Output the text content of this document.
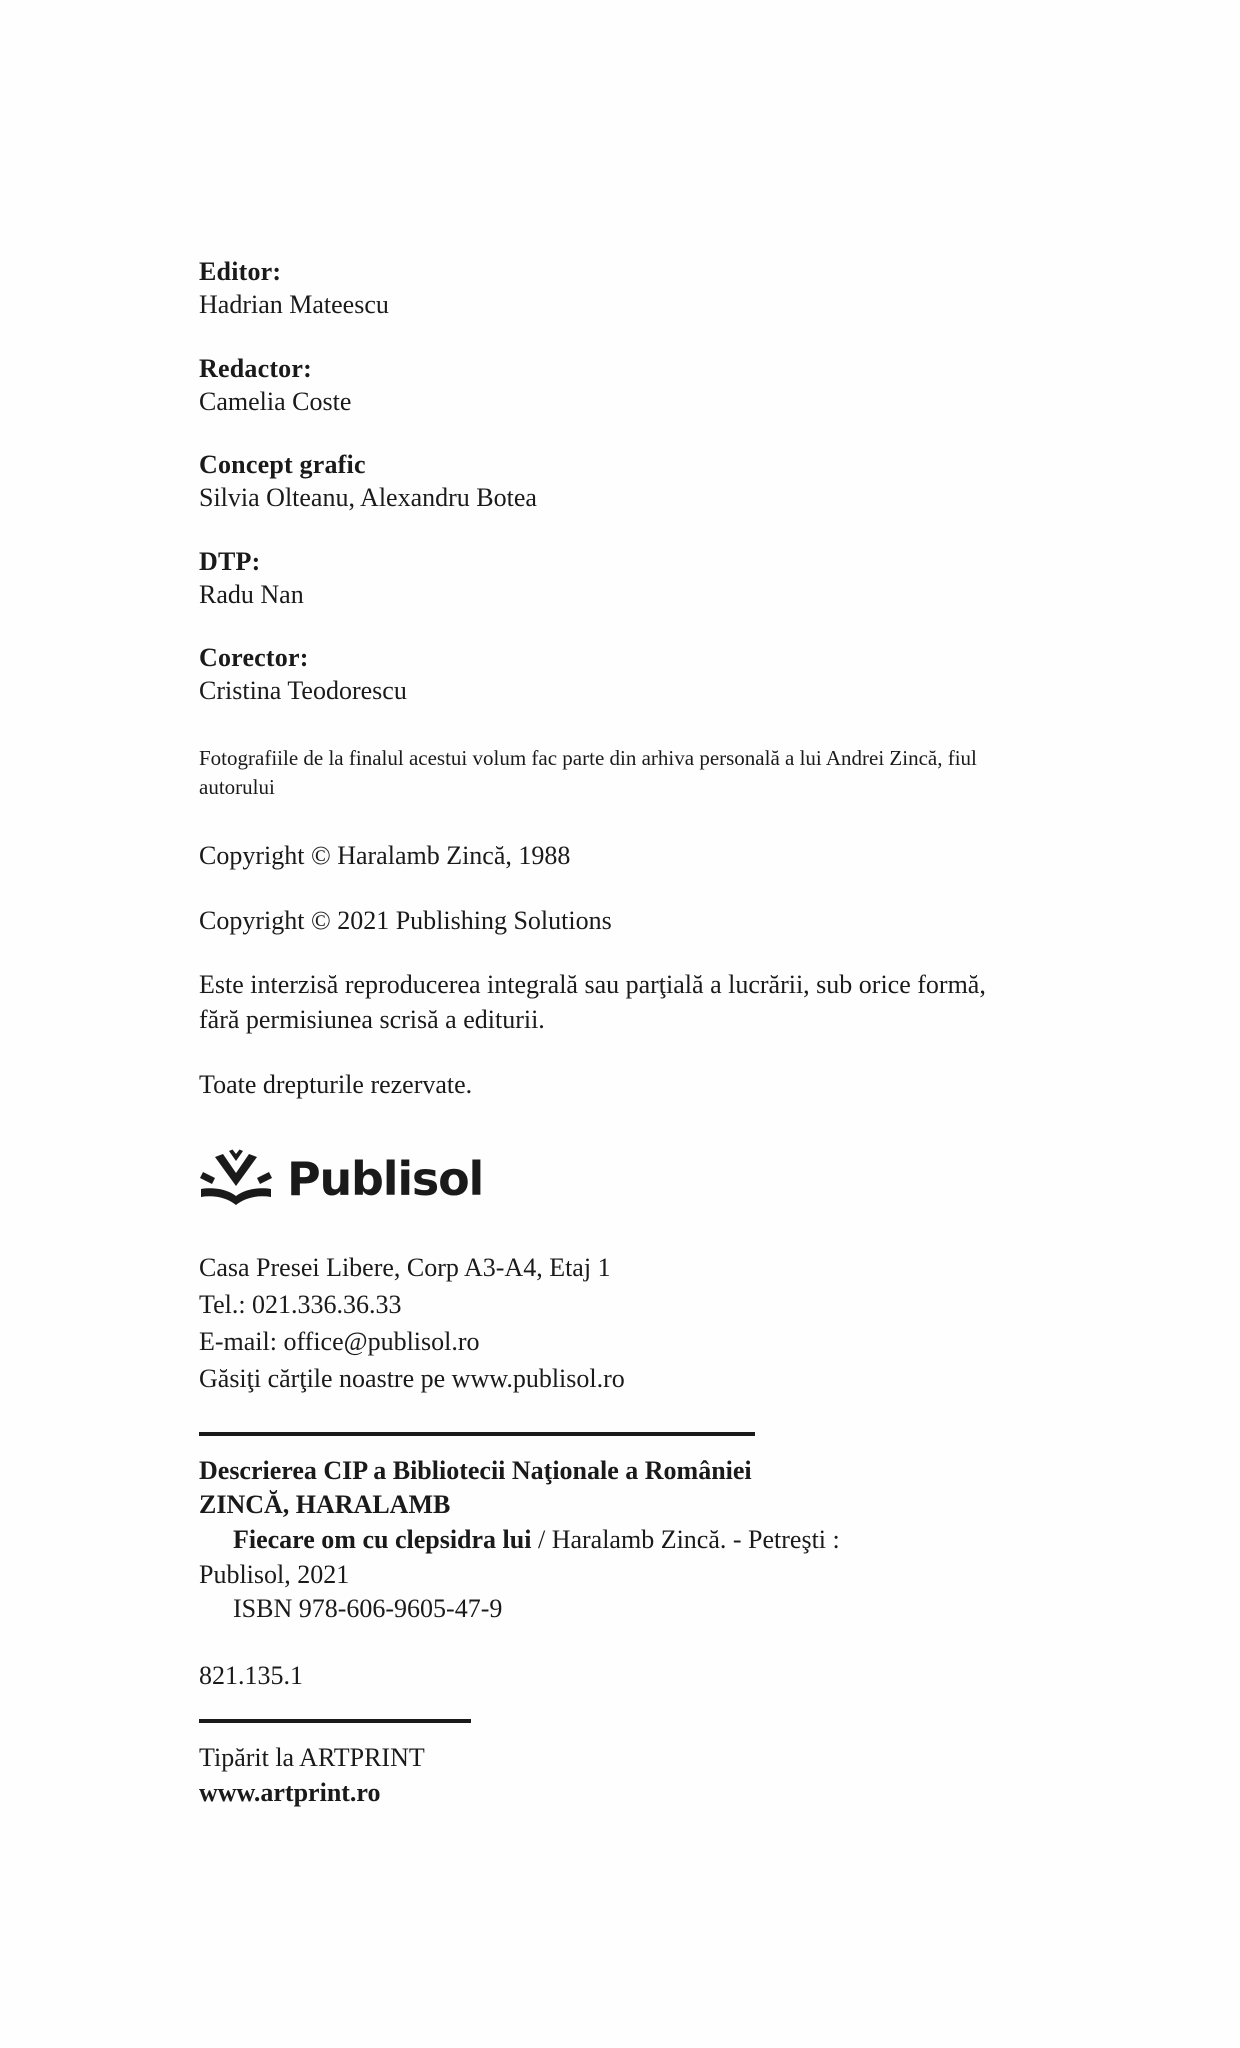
Editor:
Hadrian Mateescu
Redactor:
Camelia Coste
Concept grafic
Silvia Olteanu, Alexandru Botea
DTP:
Radu Nan
Corector:
Cristina Teodorescu
Fotografiile de la finalul acestui volum fac parte din arhiva personală a lui Andrei Zincă, fiul autorului
Copyright © Haralamb Zincă, 1988
Copyright © 2021 Publishing Solutions
Este interzisă reproducerea integrală sau parţială a lucrării, sub orice formă, fără permisiunea scrisă a editurii.
Toate drepturile rezervate.
Publisol
Casa Presei Libere, Corp A3-A4, Etaj 1
Tel.: 021.336.36.33
E-mail: office@publisol.ro
Găsiţi cărţile noastre pe www.publisol.ro

Descrierea CIP a Bibliotecii Naţionale a României

ZINCĂ, HARALAMB

Fiecare om cu clepsidra lui / Haralamb Zincă. - Petreşti :

Publisol, 2021

ISBN 978-606-9605-47-9

821.135.1
Tipărit la ARTPRINT
www.artprint.ro
